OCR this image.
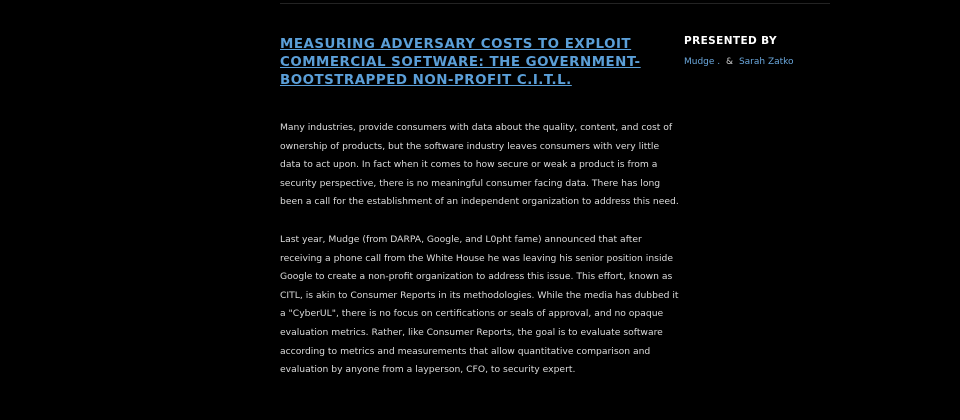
MEASURING ADVERSARY COSTS TO EXPLOIT COMMERCIAL SOFTWARE: THE GOVERNMENT-BOOTSTRAPPED NON-PROFIT C.I.T.L.

Many industries, provide consumers with data about the quality, content, and cost of ownership of products, but the software industry leaves consumers with very little data to act upon. In fact when it comes to how secure or weak a product is from a security perspective, there is no meaningful consumer facing data. There has long been a call for the establishment of an independent organization to address this need.

Last year, Mudge (from DARPA, Google, and L0pht fame) announced that after receiving a phone call from the White House he was leaving his senior position inside Google to create a non-profit organization to address this issue. This effort, known as CITL, is akin to Consumer Reports in its methodologies. While the media has dubbed it a "CyberUL", there is no focus on certifications or seals of approval, and no opaque evaluation metrics. Rather, like Consumer Reports, the goal is to evaluate software according to metrics and measurements that allow quantitative comparison and evaluation by anyone from a layperson, CFO, to security expert.

PRESENTED BY
Mudge . & Sarah Zatko
